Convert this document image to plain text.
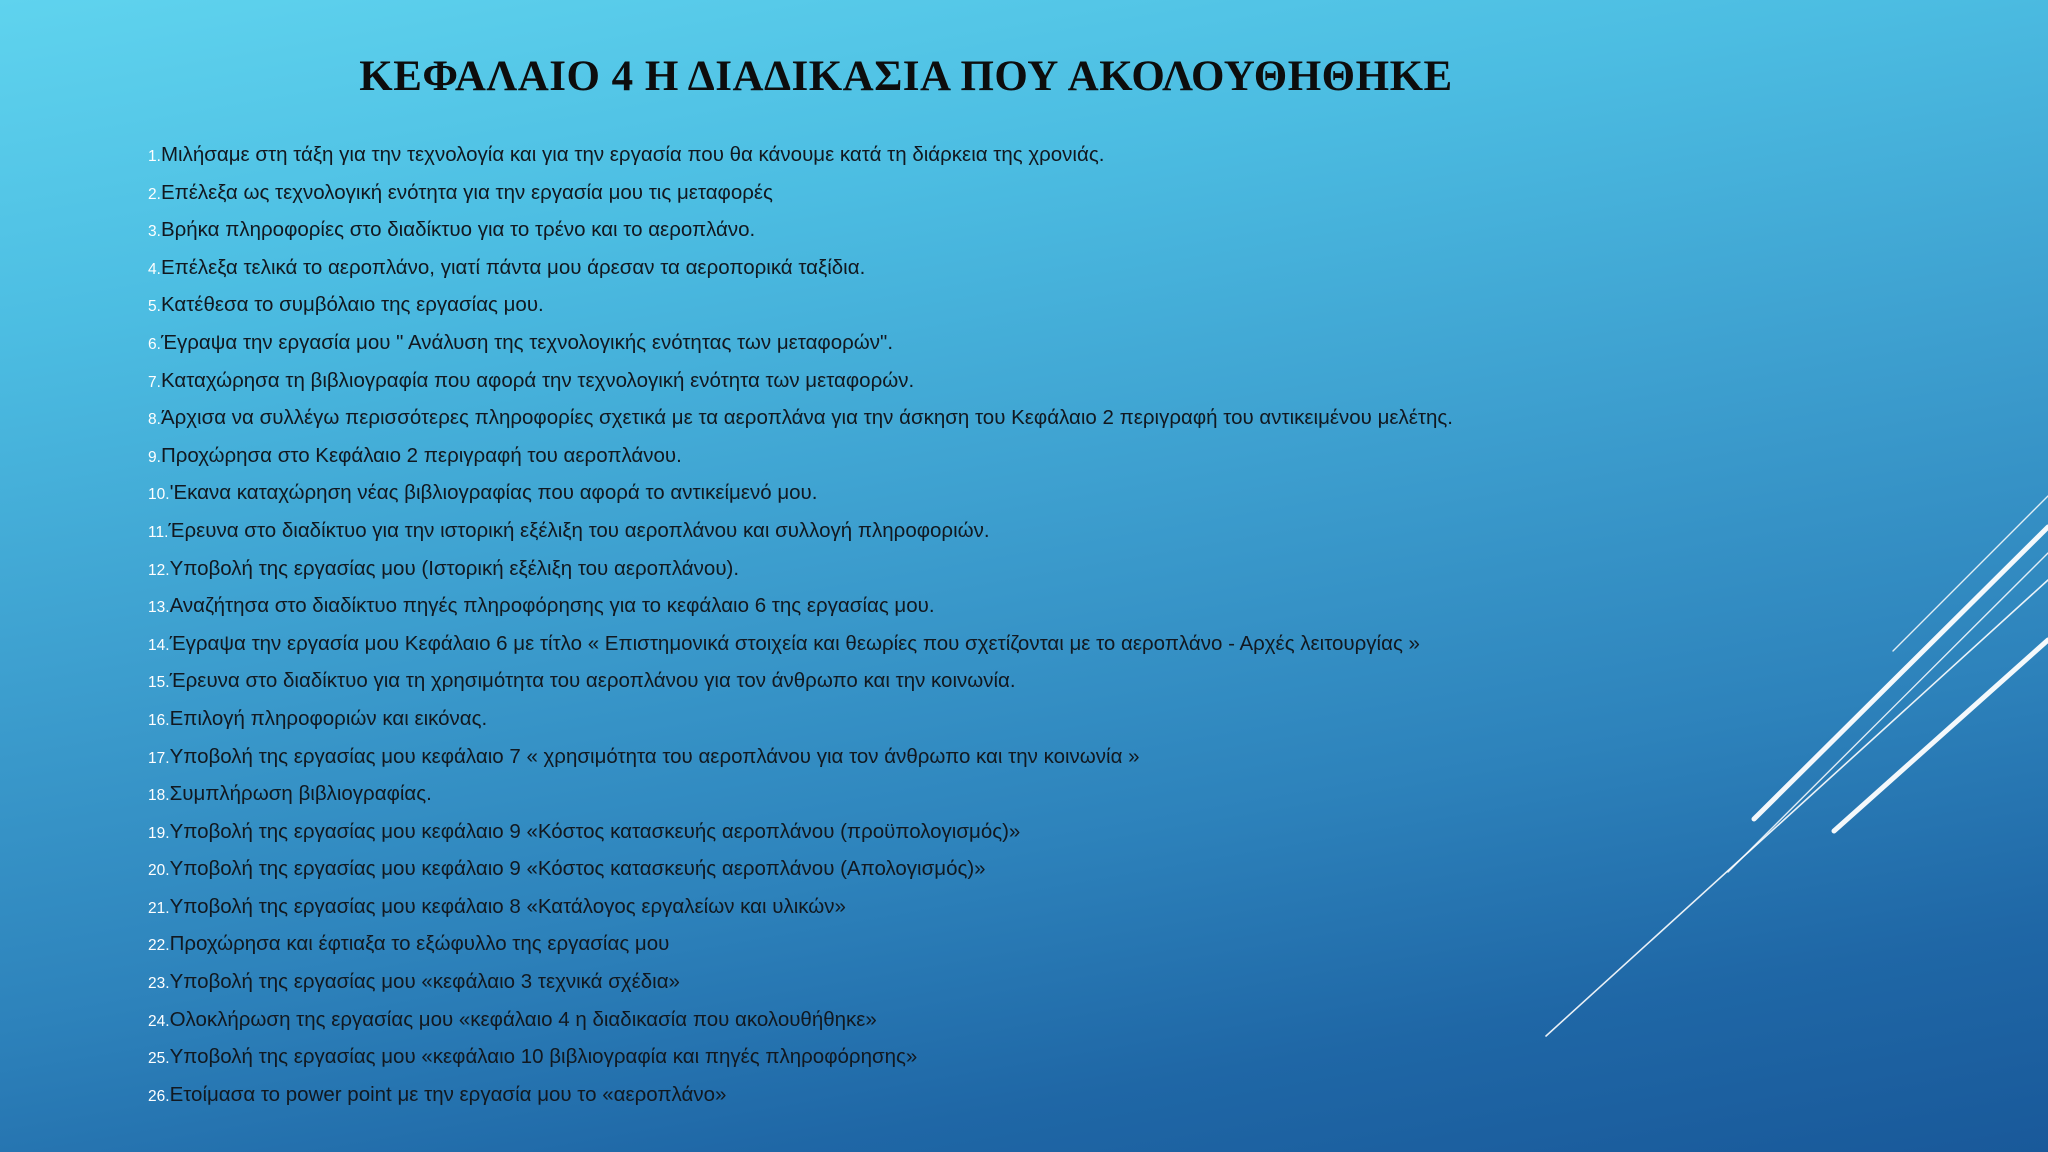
ΚΕΦΑΛΑΙΟ 4 Η ΔΙΑΔΙΚΑΣΙΑ ΠΟΥ ΑΚΟΛΟΥΘΗΘΗΚΕ
1.Μιλήσαμε στη τάξη για την τεχνολογία και για την εργασία που θα κάνουμε κατά τη διάρκεια της χρονιάς.
2.Επέλεξα ως τεχνολογική ενότητα για την εργασία μου τις μεταφορές
3.Βρήκα πληροφορίες στο διαδίκτυο για το τρένο και το αεροπλάνο.
4.Επέλεξα τελικά το αεροπλάνο, γιατί πάντα μου άρεσαν τα αεροπορικά ταξίδια.
5.Κατέθεσα το συμβόλαιο της εργασίας μου.
6.Έγραψα την εργασία μου " Ανάλυση της τεχνολογικής ενότητας των μεταφορών".
7.Καταχώρησα τη βιβλιογραφία που αφορά την τεχνολογική ενότητα των μεταφορών.
8.Άρχισα να συλλέγω περισσότερες πληροφορίες σχετικά με τα αεροπλάνα για την άσκηση του Κεφάλαιο 2 περιγραφή του αντικειμένου μελέτης.
9.Προχώρησα στο Κεφάλαιο 2 περιγραφή του αεροπλάνου.
10.'Εκανα καταχώρηση νέας βιβλιογραφίας που αφορά το αντικείμενό μου.
11.Έρευνα στο διαδίκτυο για την ιστορική εξέλιξη του αεροπλάνου και συλλογή πληροφοριών.
12.Υποβολή της εργασίας μου (Ιστορική εξέλιξη του αεροπλάνου).
13.Αναζήτησα στο διαδίκτυο πηγές πληροφόρησης για το κεφάλαιο 6 της εργασίας μου.
14.Έγραψα την εργασία μου Κεφάλαιο 6 με τίτλο « Επιστημονικά στοιχεία και θεωρίες που σχετίζονται με το αεροπλάνο - Αρχές λειτουργίας »
15.Έρευνα στο διαδίκτυο για τη χρησιμότητα του αεροπλάνου για τον άνθρωπο και την κοινωνία.
16.Επιλογή πληροφοριών και εικόνας.
17.Υποβολή της εργασίας μου κεφάλαιο 7 « χρησιμότητα του αεροπλάνου για τον άνθρωπο και την κοινωνία »
18.Συμπλήρωση βιβλιογραφίας.
19.Υποβολή της εργασίας μου κεφάλαιο 9 «Κόστος κατασκευής αεροπλάνου (προϋπολογισμός)»
20.Υποβολή της εργασίας μου κεφάλαιο 9 «Κόστος κατασκευής αεροπλάνου (Απολογισμός)»
21.Υποβολή της εργασίας μου κεφάλαιο 8 «Κατάλογος εργαλείων και υλικών»
22.Προχώρησα και έφτιαξα το εξώφυλλο της εργασίας μου
23.Υποβολή της εργασίας μου «κεφάλαιο 3 τεχνικά σχέδια»
24.Ολοκλήρωση της εργασίας μου «κεφάλαιο 4 η διαδικασία που ακολουθήθηκε»
25.Υποβολή της εργασίας μου «κεφάλαιο 10 βιβλιογραφία και πηγές πληροφόρησης»
26.Ετοίμασα το power point με την εργασία μου το «αεροπλάνο»
